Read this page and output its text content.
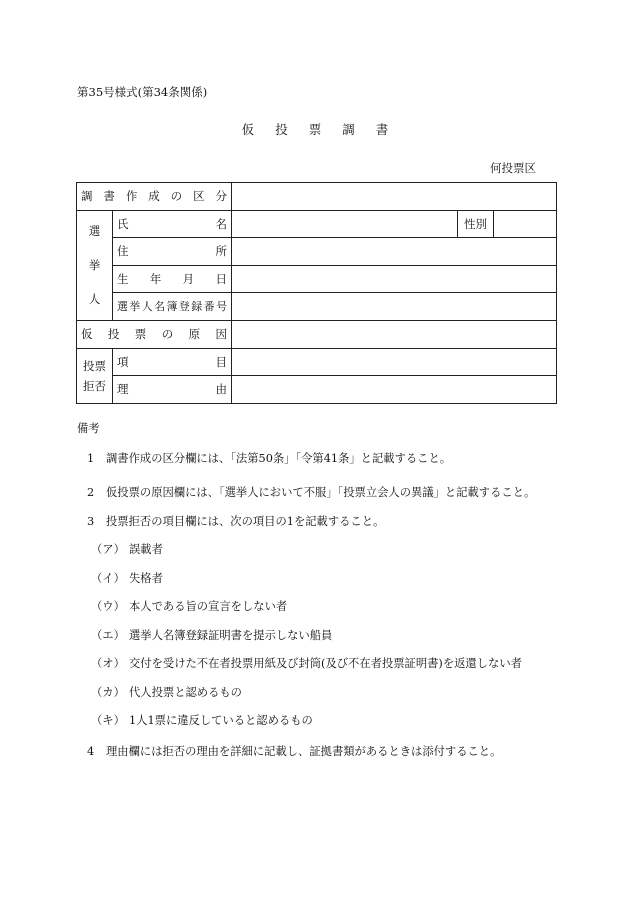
第35号様式(第34条関係)
仮投票調書
何投票区
調書作成の区分				

選
挙
人	氏名		性別	
	住所			
	生年月日			
	選挙人名簿登録番号			
仮投票の原因				

投票
拒否	項目			
	理由			
備考
1 調書作成の区分欄には、「法第50条」「令第41条」と記載すること。
2 仮投票の原因欄には、「選挙人において不服」「投票立会人の異議」と記載すること。
3 投票拒否の項目欄には、次の項目の1を記載すること。
（ア） 誤載者
（イ） 失格者
（ウ） 本人である旨の宣言をしない者
（エ） 選挙人名簿登録証明書を提示しない船員
（オ） 交付を受けた不在者投票用紙及び封筒(及び不在者投票証明書)を返還しない者
（カ） 代人投票と認めるもの
（キ） 1人1票に違反していると認めるもの
4 理由欄には拒否の理由を詳細に記載し、証拠書類があるときは添付すること。
